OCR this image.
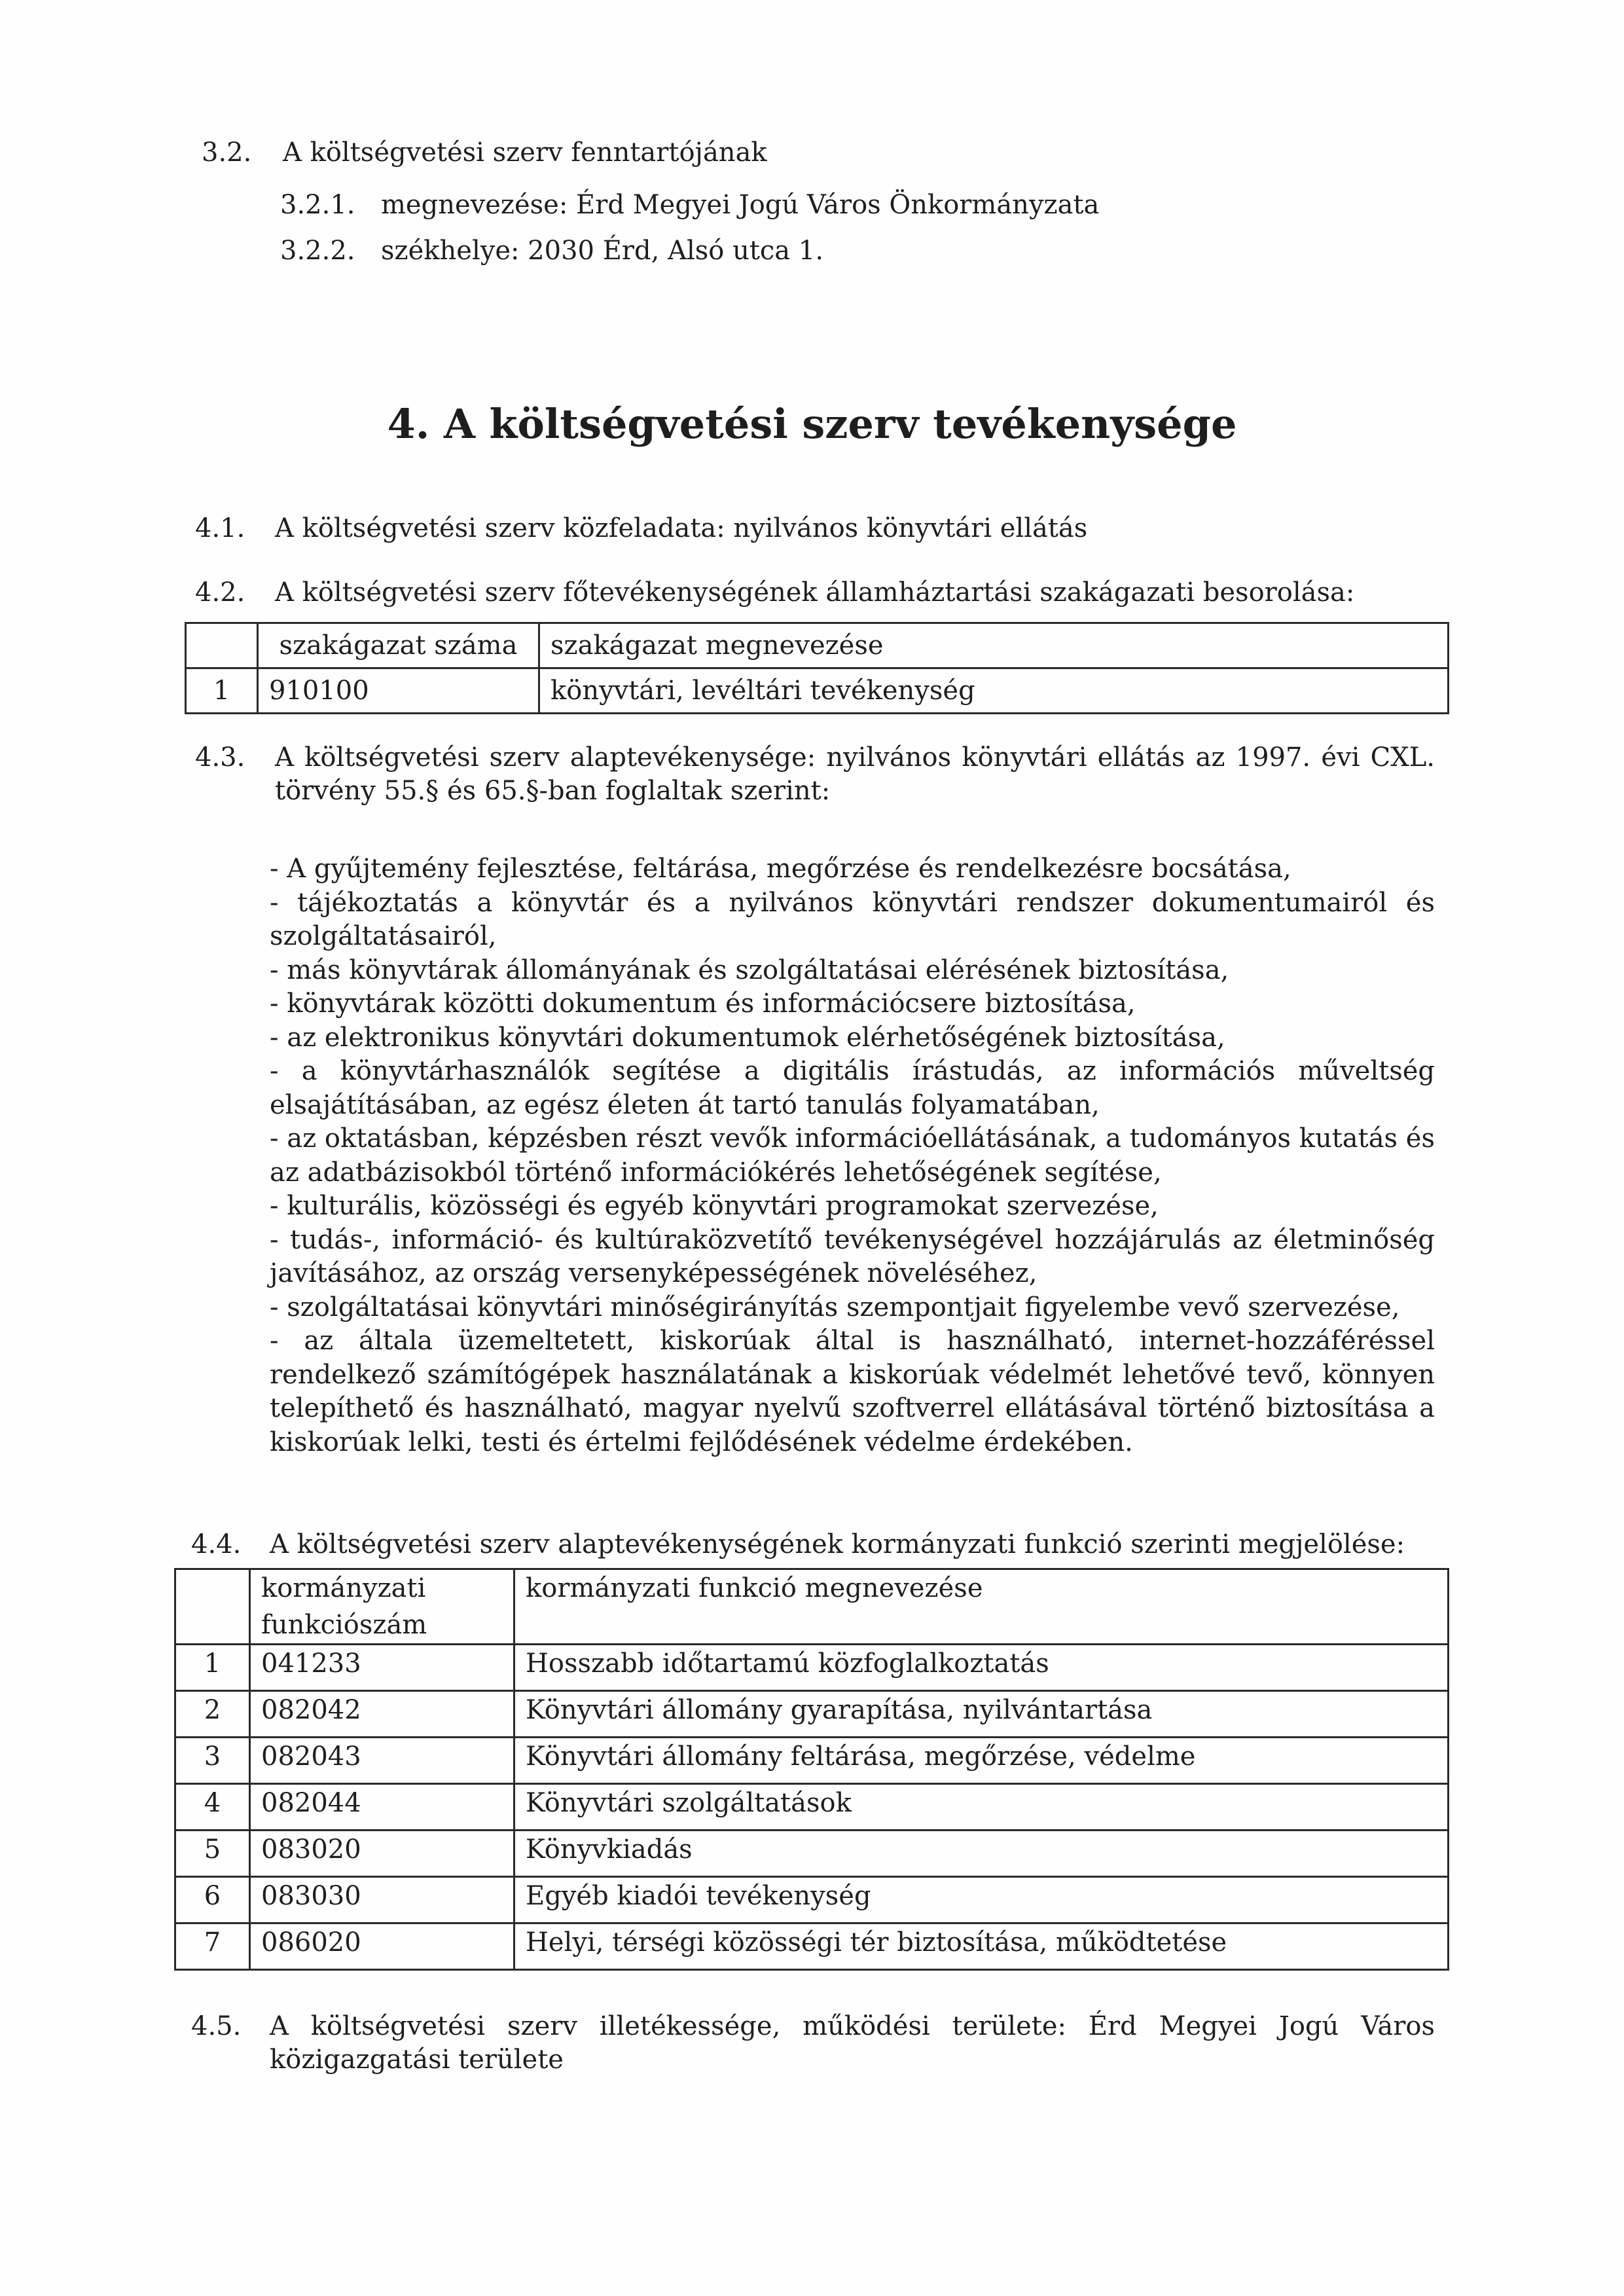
3.2. A költségvetési szerv fenntartójának
3.2.1. megnevezése: Érd Megyei Jogú Város Önkormányzata
3.2.2. székhelye: 2030 Érd, Alsó utca 1.
4. A költségvetési szerv tevékenysége
4.1. A költségvetési szerv közfeladata: nyilvános könyvtári ellátás
4.2. A költségvetési szerv főtevékenységének államháztartási szakágazati besorolása:
	szakágazat száma	szakágazat megnevezése
1	910100	könyvtári, levéltári tevékenység
4.3. A költségvetési szerv alaptevékenysége: nyilvános könyvtári ellátás az 1997. évi CXL. törvény 55.§ és 65.§-ban foglaltak szerint:
- A gyűjtemény fejlesztése, feltárása, megőrzése és rendelkezésre bocsátása,
- tájékoztatás a könyvtár és a nyilvános könyvtári rendszer dokumentumairól és szolgáltatásairól,
- más könyvtárak állományának és szolgáltatásai elérésének biztosítása,
- könyvtárak közötti dokumentum és információcsere biztosítása,
- az elektronikus könyvtári dokumentumok elérhetőségének biztosítása,
- a könyvtárhasználók segítése a digitális írástudás, az információs műveltség elsajátításában, az egész életen át tartó tanulás folyamatában,
- az oktatásban, képzésben részt vevők információellátásának, a tudományos kutatás és az adatbázisokból történő információkérés lehetőségének segítése,
- kulturális, közösségi és egyéb könyvtári programokat szervezése,
- tudás-, információ- és kultúraközvetítő tevékenységével hozzájárulás az életminőség javításához, az ország versenyképességének növeléséhez,
- szolgáltatásai könyvtári minőségirányítás szempontjait figyelembe vevő szervezése,
- az általa üzemeltetett, kiskorúak által is használható, internet-hozzáféréssel rendelkező számítógépek használatának a kiskorúak védelmét lehetővé tevő, könnyen telepíthető és használható, magyar nyelvű szoftverrel ellátásával történő biztosítása a kiskorúak lelki, testi és értelmi fejlődésének védelme érdekében.
4.4. A költségvetési szerv alaptevékenységének kormányzati funkció szerinti megjelölése:
	kormányzati funkciószám	kormányzati funkció megnevezése
1	041233	Hosszabb időtartamú közfoglalkoztatás
2	082042	Könyvtári állomány gyarapítása, nyilvántartása
3	082043	Könyvtári állomány feltárása, megőrzése, védelme
4	082044	Könyvtári szolgáltatások
5	083020	Könyvkiadás
6	083030	Egyéb kiadói tevékenység
7	086020	Helyi, térségi közösségi tér biztosítása, működtetése
4.5. A költségvetési szerv illetékessége, működési területe: Érd Megyei Jogú Város közigazgatási területe
